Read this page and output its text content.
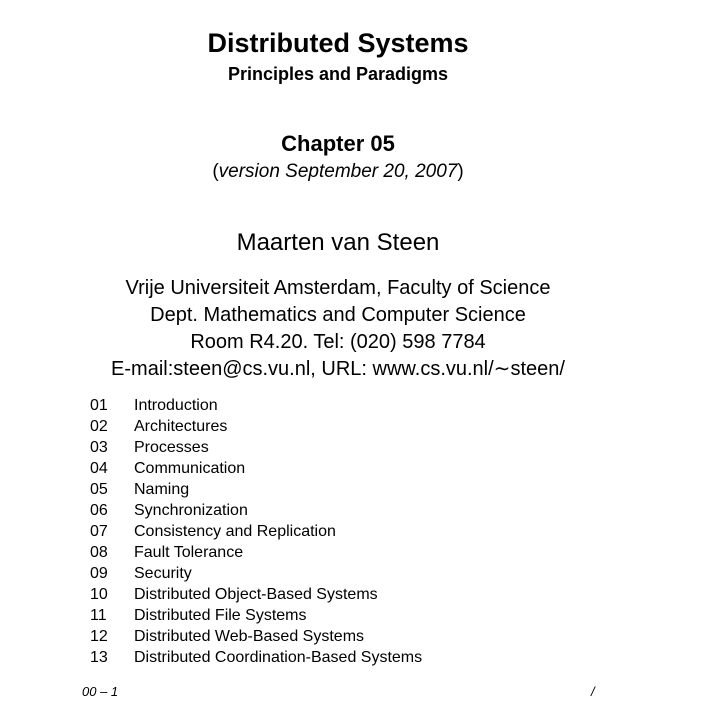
Distributed Systems
Principles and Paradigms
Chapter 05
(version September 20, 2007)
Maarten van Steen
Vrije Universiteit Amsterdam, Faculty of Science
Dept. Mathematics and Computer Science
Room R4.20. Tel: (020) 598 7784
E-mail:steen@cs.vu.nl, URL: www.cs.vu.nl/∼steen/
01	Introduction
02	Architectures
03	Processes
04	Communication
05	Naming
06	Synchronization
07	Consistency and Replication
08	Fault Tolerance
09	Security
10	Distributed Object-Based Systems
11	Distributed File Systems
12	Distributed Web-Based Systems
13	Distributed Coordination-Based Systems
00 – 1	/
